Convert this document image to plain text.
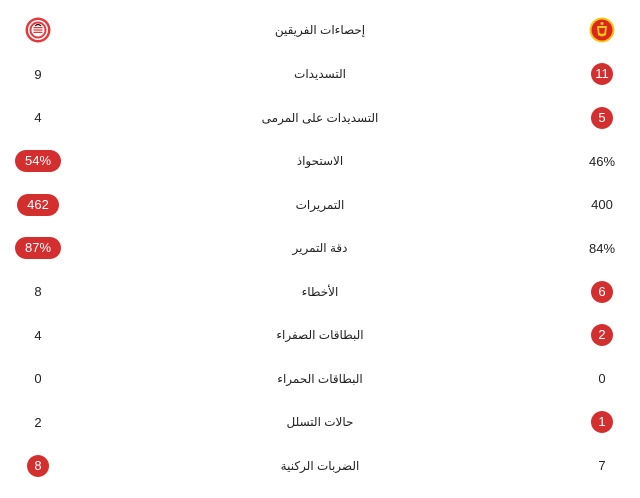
إحصاءات الفريقين
9	التسديدات	11
4	التسديدات على المرمى	5
54%	الاستحواذ	46%
462	التمريرات	400
87%	دقة التمرير	84%
8	الأخطاء	6
4	البطاقات الصفراء	2
0	البطاقات الحمراء	0
2	حالات التسلل	1
8	الضربات الركنية	7
